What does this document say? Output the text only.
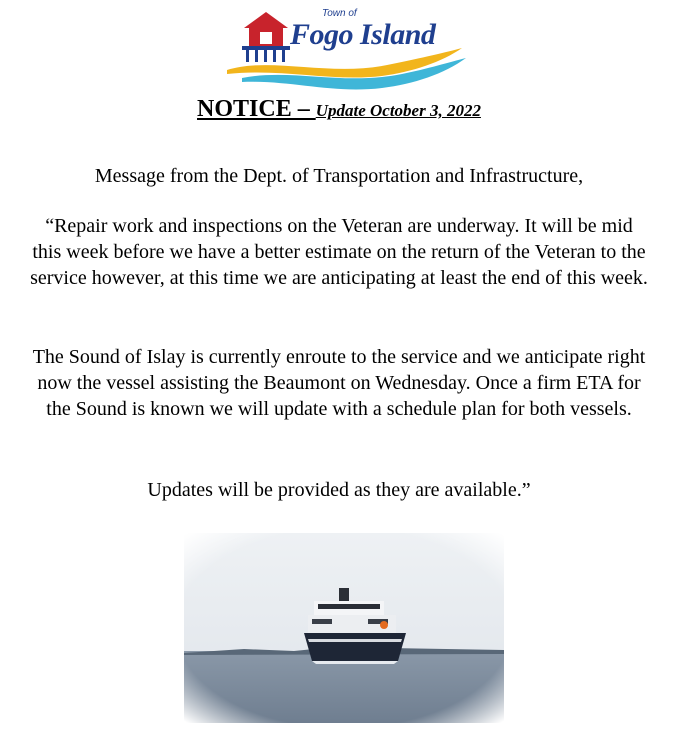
Town of
Fogo Island
NOTICE – Update October 3, 2022
Message from the Dept. of Transportation and Infrastructure,
“Repair work and inspections on the Veteran are underway. It will be mid this week before we have a better estimate on the return of the Veteran to the service however, at this time we are anticipating at least the end of this week.
The Sound of Islay is currently enroute to the service and we anticipate right now the vessel assisting the Beaumont on Wednesday. Once a firm ETA for the Sound is known we will update with a schedule plan for both vessels.
Updates will be provided as they are available.”
